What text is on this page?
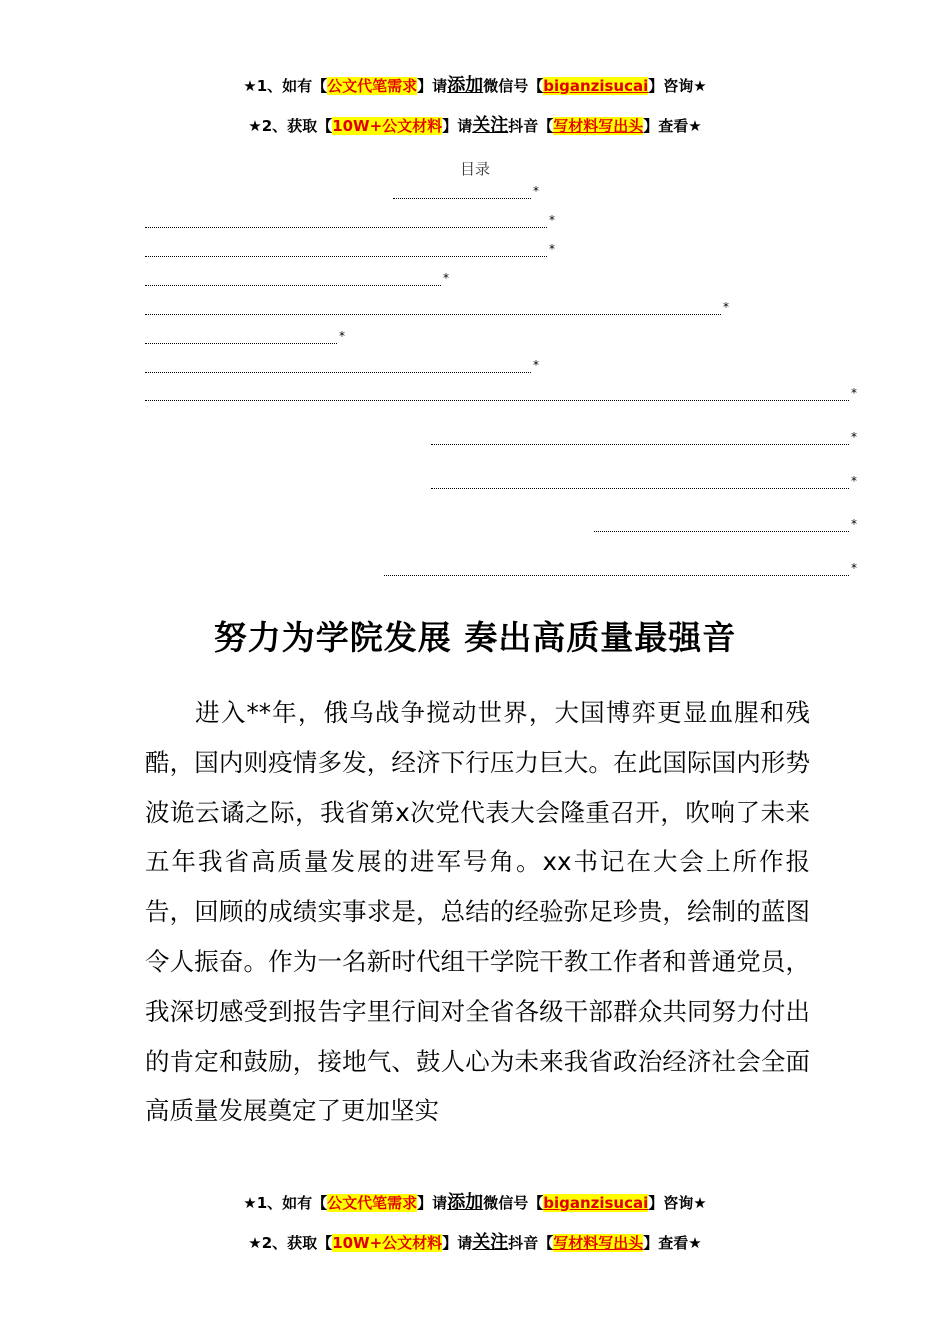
★1、如有【公文代笔需求】请添加微信号【biganzisucai】咨询★
★2、获取【10W+公文材料】请关注抖音【写材料写出头】查看★
目录
*
*
*
*
*
*
*
*
*
*
*
*
努力为学院发展 奏出高质量最强音
进入**年，俄乌战争搅动世界，大国博弈更显血腥和残酷，国内则疫情多发，经济下行压力巨大。在此国际国内形势波诡云谲之际，我省第x次党代表大会隆重召开，吹响了未来五年我省高质量发展的进军号角。xx书记在大会上所作报告，回顾的成绩实事求是，总结的经验弥足珍贵，绘制的蓝图令人振奋。作为一名新时代组干学院干教工作者和普通党员，我深切感受到报告字里行间对全省各级干部群众共同努力付出的肯定和鼓励，接地气、鼓人心为未来我省政治经济社会全面高质量发展奠定了更加坚实
★1、如有【公文代笔需求】请添加微信号【biganzisucai】咨询★
★2、获取【10W+公文材料】请关注抖音【写材料写出头】查看★
